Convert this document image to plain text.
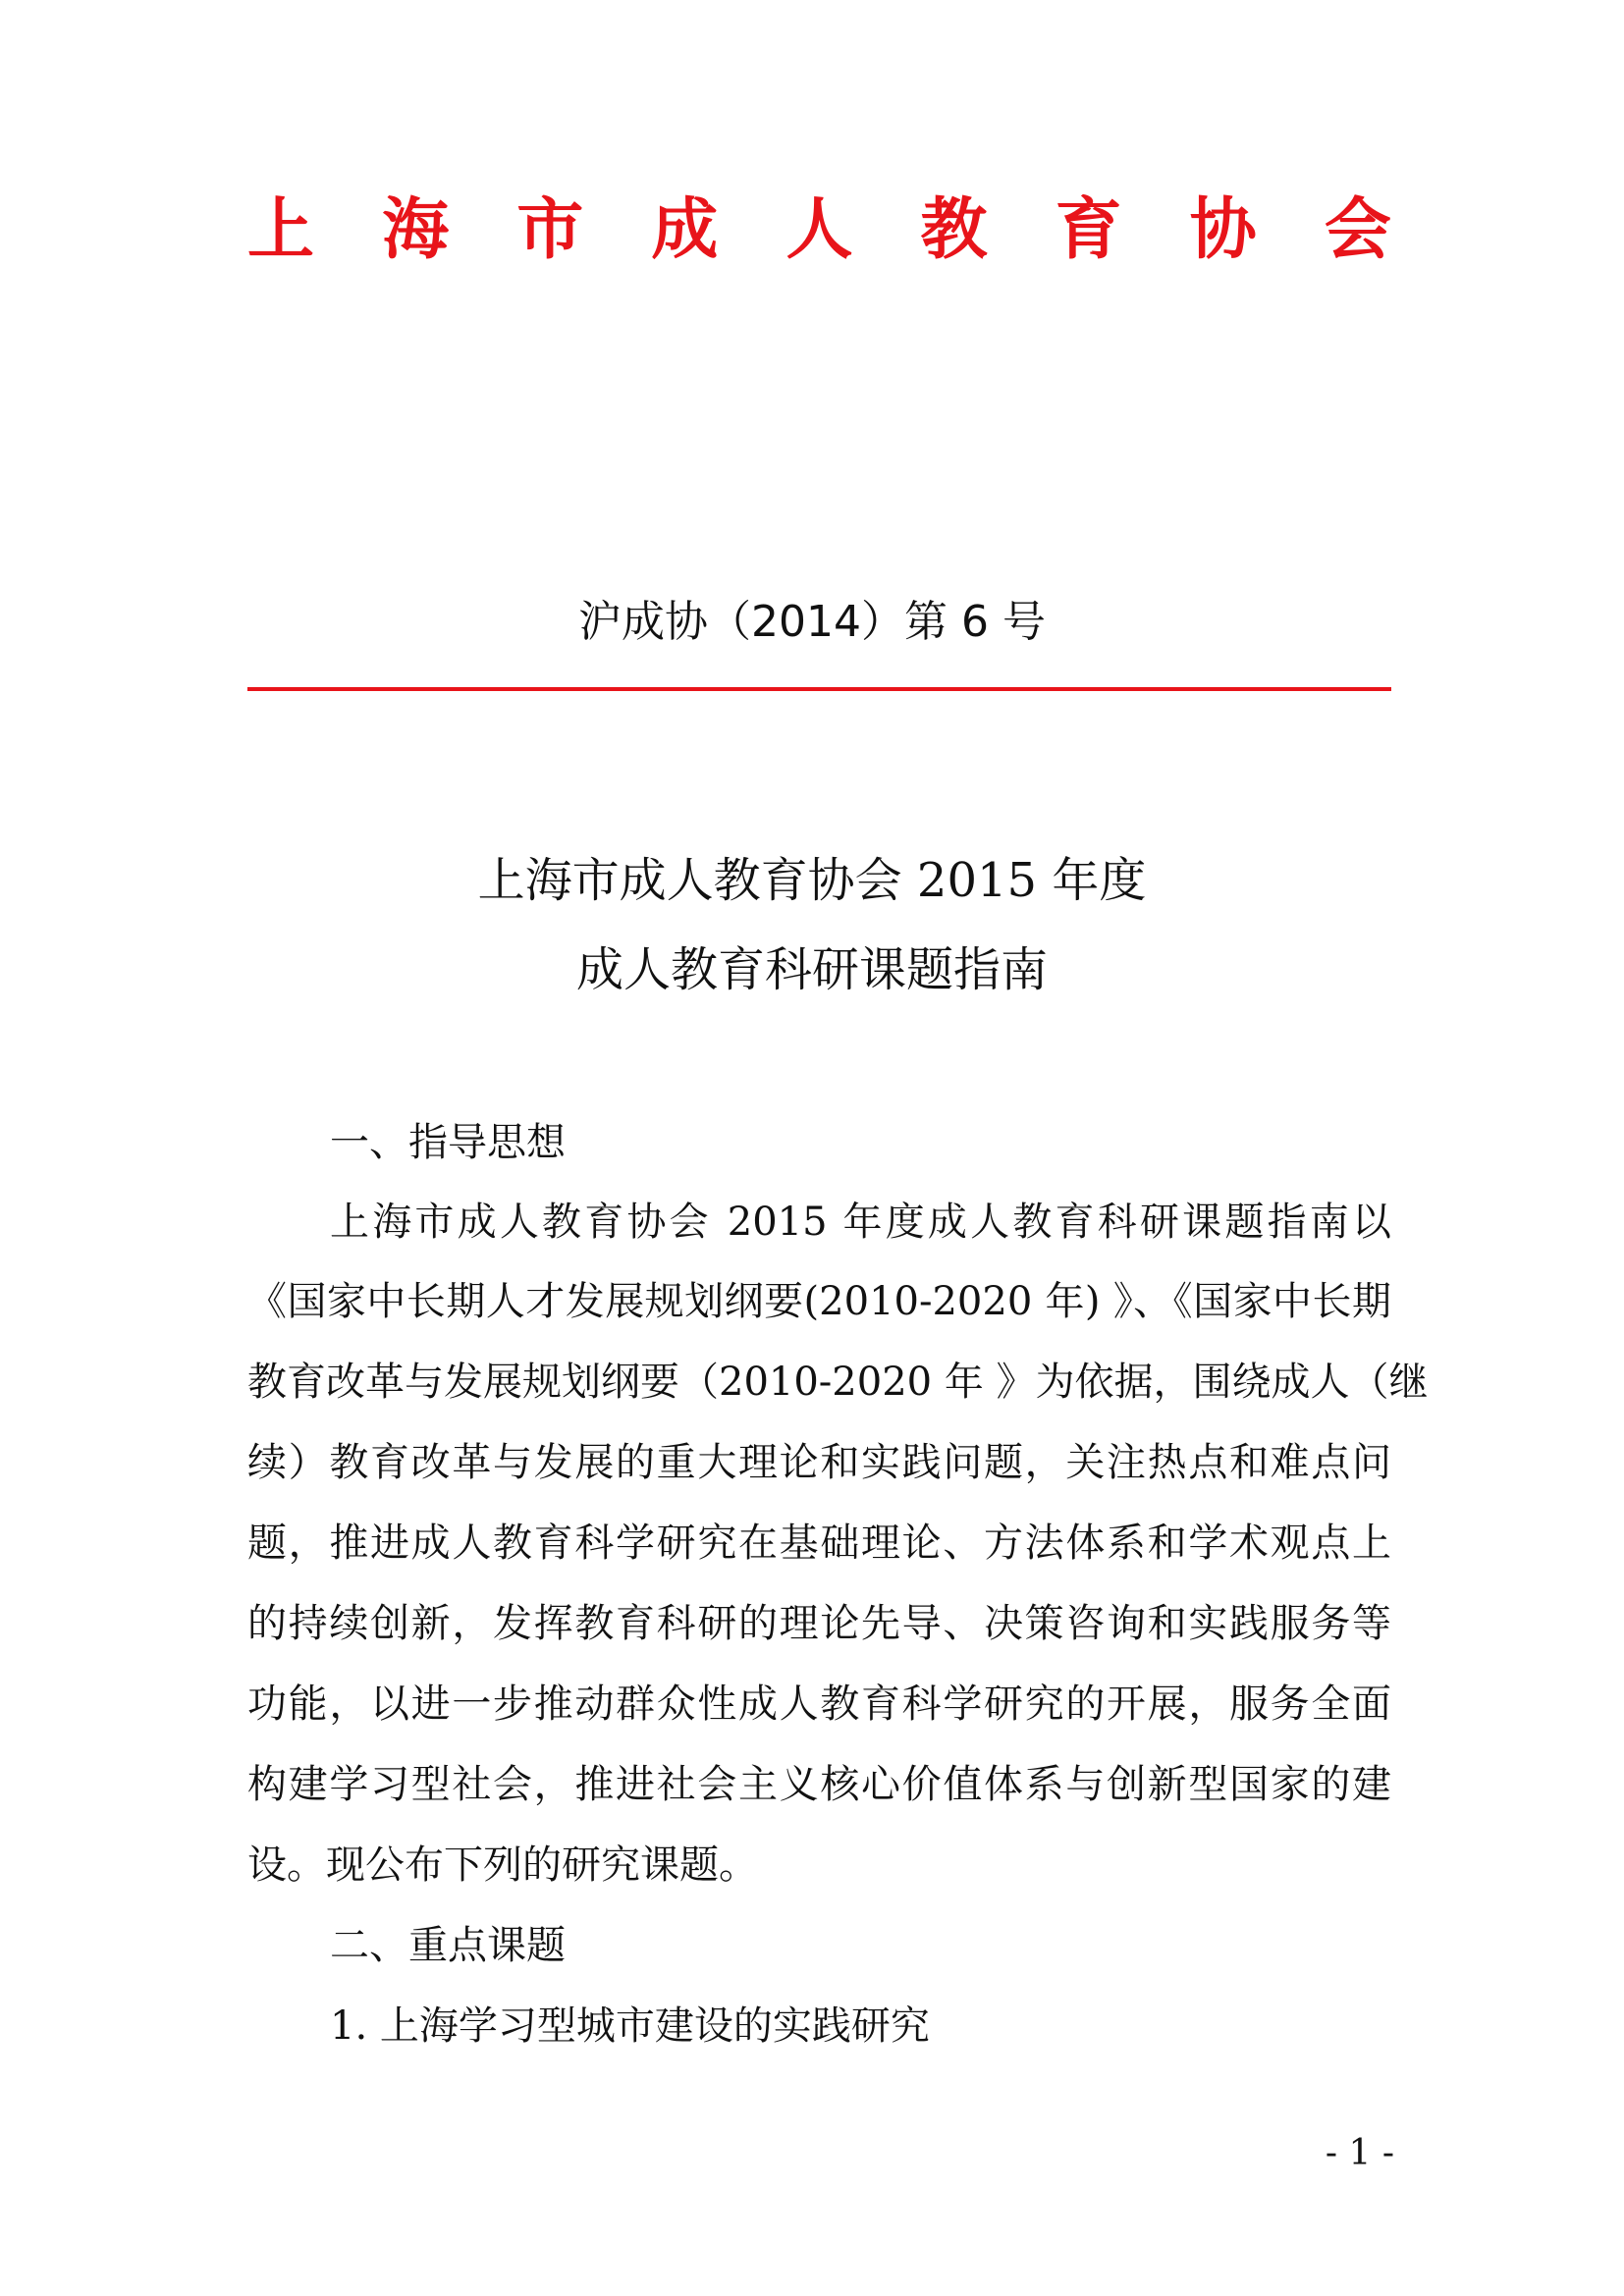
上 海 市 成 人 教 育 协 会
沪成协（2014）第 6 号
上海市成人教育协会 2015 年度
成人教育科研课题指南
一、指导思想
上海市成人教育协会 2015 年度成人教育科研课题指南以
《国家中长期人才发展规划纲要(2010-2020 年) 》、《国家中长期
教育改革与发展规划纲要（2010-2020 年 》为依据，围绕成人（继
续）教育改革与发展的重大理论和实践问题，关注热点和难点问
题，推进成人教育科学研究在基础理论、方法体系和学术观点上
的持续创新，发挥教育科研的理论先导、决策咨询和实践服务等
功能，以进一步推动群众性成人教育科学研究的开展，服务全面
构建学习型社会，推进社会主义核心价值体系与创新型国家的建
设。现公布下列的研究课题。
二、重点课题
1. 上海学习型城市建设的实践研究
- 1 -
